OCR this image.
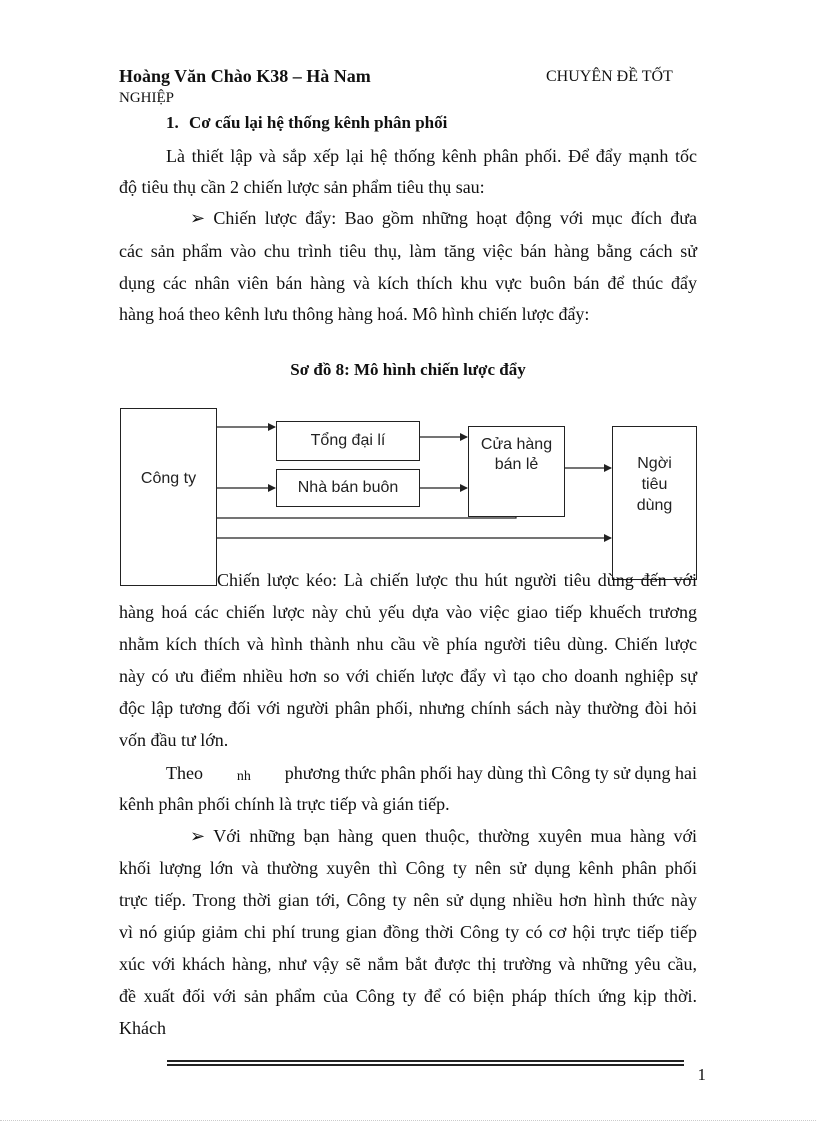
Hoàng Văn Chào K38 – Hà Nam	CHUYÊN ĐỀ TỐT
NGHIỆP
1. Cơ cấu lại hệ thống kênh phân phối
Là thiết lập và sắp xếp lại hệ thống kênh phân phối. Để đẩy mạnh tốc
độ tiêu thụ cần 2 chiến lược sản phẩm tiêu thụ sau:
➢ Chiến lược đẩy: Bao gồm những hoạt động với mục đích đưa
các sản phẩm vào chu trình tiêu thụ, làm tăng việc bán hàng bằng cách sử
dụng các nhân viên bán hàng và kích thích khu vực buôn bán để thúc đẩy
hàng hoá theo kênh lưu thông hàng hoá. Mô hình chiến lược đẩy:
Sơ đồ 8: Mô hình chiến lược đẩy
Công ty
Tổng đại lí
Nhà bán buôn
Cửa hàng
bán lẻ	Ngời
tiêu
dùng
Chiến lược kéo: Là chiến lược thu hút người tiêu dùng đến với
hàng hoá các chiến lược này chủ yếu dựa vào việc giao tiếp khuếch trương
nhằm kích thích và hình thành nhu cầu về phía người tiêu dùng. Chiến lược
này có ưu điểm nhiều hơn so với chiến lược đẩy vì tạo cho doanh nghiệp sự
độc lập tương đối với người phân phối, nhưng chính sách này thường đòi hỏi
vốn đầu tư lớn.
Theo nh phương thức phân phối hay dùng thì Công ty sử dụng hai
kênh phân phối chính là trực tiếp và gián tiếp.
➢ Với những bạn hàng quen thuộc, thường xuyên mua hàng với
khối lượng lớn và thường xuyên thì Công ty nên sử dụng kênh phân phối
trực tiếp. Trong thời gian tới, Công ty nên sử dụng nhiều hơn hình thức này
vì nó giúp giảm chi phí trung gian đồng thời Công ty có cơ hội trực tiếp tiếp
xúc với khách hàng, như vậy sẽ nắm bắt được thị trường và những yêu cầu,
đề xuất đối với sản phẩm của Công ty để có biện pháp thích ứng kịp thời.
Khách
1
